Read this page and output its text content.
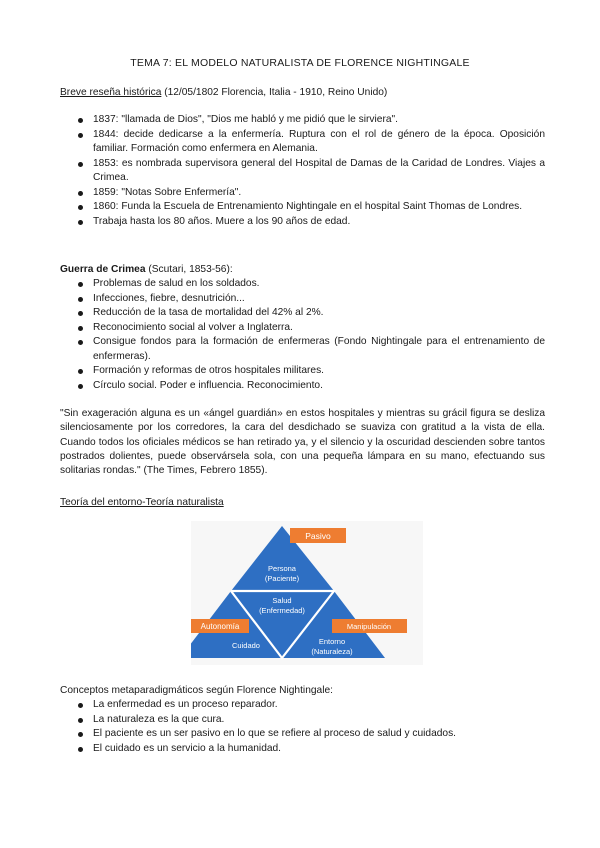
TEMA 7: EL MODELO NATURALISTA DE FLORENCE NIGHTINGALE
Breve reseña histórica (12/05/1802 Florencia, Italia - 1910, Reino Unido)
1837: "llamada de Dios", "Dios me habló y me pidió que le sirviera".
1844: decide dedicarse a la enfermería. Ruptura con el rol de género de la época. Oposición familiar. Formación como enfermera en Alemania.
1853: es nombrada supervisora general del Hospital de Damas de la Caridad de Londres. Viajes a Crimea.
1859: "Notas Sobre Enfermería".
1860: Funda la Escuela de Entrenamiento Nightingale en el hospital Saint Thomas de Londres.
Trabaja hasta los 80 años. Muere a los 90 años de edad.
Guerra de Crimea (Scutari, 1853-56):
Problemas de salud en los soldados.
Infecciones, fiebre, desnutrición...
Reducción de la tasa de mortalidad del 42% al 2%.
Reconocimiento social al volver a Inglaterra.
Consigue fondos para la formación de enfermeras (Fondo Nightingale para el entrenamiento de enfermeras).
Formación y reformas de otros hospitales militares.
Círculo social. Poder e influencia. Reconocimiento.
"Sin exageración alguna es un «ángel guardián» en estos hospitales y mientras su grácil figura se desliza silenciosamente por los corredores, la cara del desdichado se suaviza con gratitud a la vista de ella. Cuando todos los oficiales médicos se han retirado ya, y el silencio y la oscuridad descienden sobre tantos postrados dolientes, puede observársela sola, con una pequeña lámpara en su mano, efectuando sus solitarias rondas." (The Times, Febrero 1855).
Teoría del entorno-Teoría naturalista
Persona
(Paciente)
Salud
(Enfermedad)
Cuidado	Entorno
(Naturaleza)
Pasivo
Autonomía	Manipulación
Conceptos metaparadigmáticos según Florence Nightingale:
La enfermedad es un proceso reparador.
La naturaleza es la que cura.
El paciente es un ser pasivo en lo que se refiere al proceso de salud y cuidados.
El cuidado es un servicio a la humanidad.
